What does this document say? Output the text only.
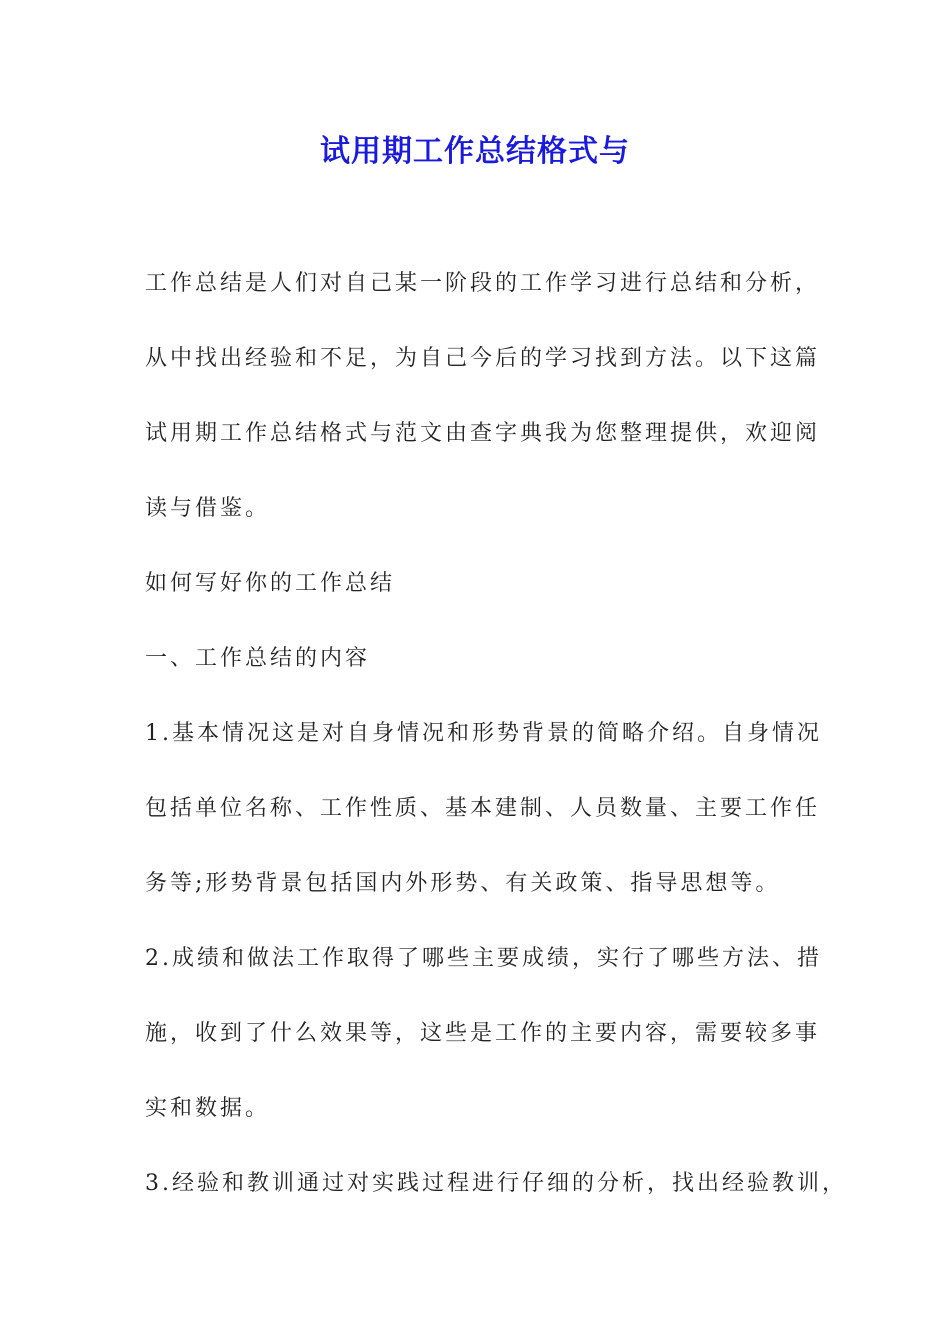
试用期工作总结格式与

工作总结是人们对自己某一阶段的工作学习进行总结和分析，

从中找出经验和不足，为自己今后的学习找到方法。以下这篇

试用期工作总结格式与范文由查字典我为您整理提供，欢迎阅

读与借鉴。

如何写好你的工作总结

一、工作总结的内容

1.基本情况这是对自身情况和形势背景的简略介绍。自身情况

包括单位名称、工作性质、基本建制、人员数量、主要工作任

务等;形势背景包括国内外形势、有关政策、指导思想等。

2.成绩和做法工作取得了哪些主要成绩，实行了哪些方法、措

施，收到了什么效果等，这些是工作的主要内容，需要较多事

实和数据。

3.经验和教训通过对实践过程进行仔细的分析，找出经验教训，
